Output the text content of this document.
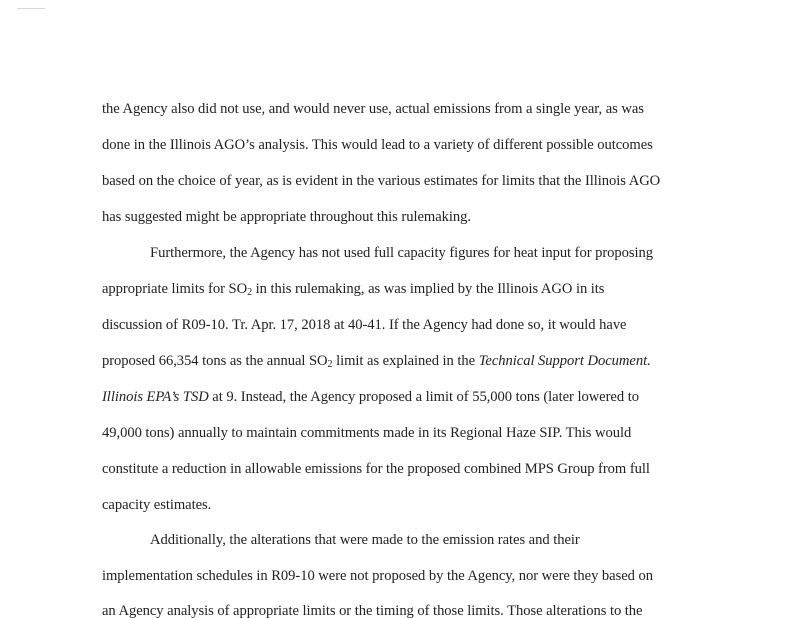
the Agency also did not use, and would never use, actual emissions from a single year, as was
done in the Illinois AGO’s analysis. This would lead to a variety of different possible outcomes
based on the choice of year, as is evident in the various estimates for limits that the Illinois AGO
has suggested might be appropriate throughout this rulemaking.
Furthermore, the Agency has not used full capacity figures for heat input for proposing
appropriate limits for $SO_2$ in this rulemaking, as was implied by the Illinois AGO in its
discussion of R09-10. Tr. Apr. 17, 2018 at 40-41. If the Agency had done so, it would have
proposed 66,354 tons as the annual $SO_2$ limit as explained in the Technical Support Document.
Illinois EPA’s TSD at 9. Instead, the Agency proposed a limit of 55,000 tons (later lowered to
49,000 tons) annually to maintain commitments made in its Regional Haze SIP. This would
constitute a reduction in allowable emissions for the proposed combined MPS Group from full
capacity estimates.
Additionally, the alterations that were made to the emission rates and their
implementation schedules in R09-10 were not proposed by the Agency, nor were they based on
an Agency analysis of appropriate limits or the timing of those limits. Those alterations to the
